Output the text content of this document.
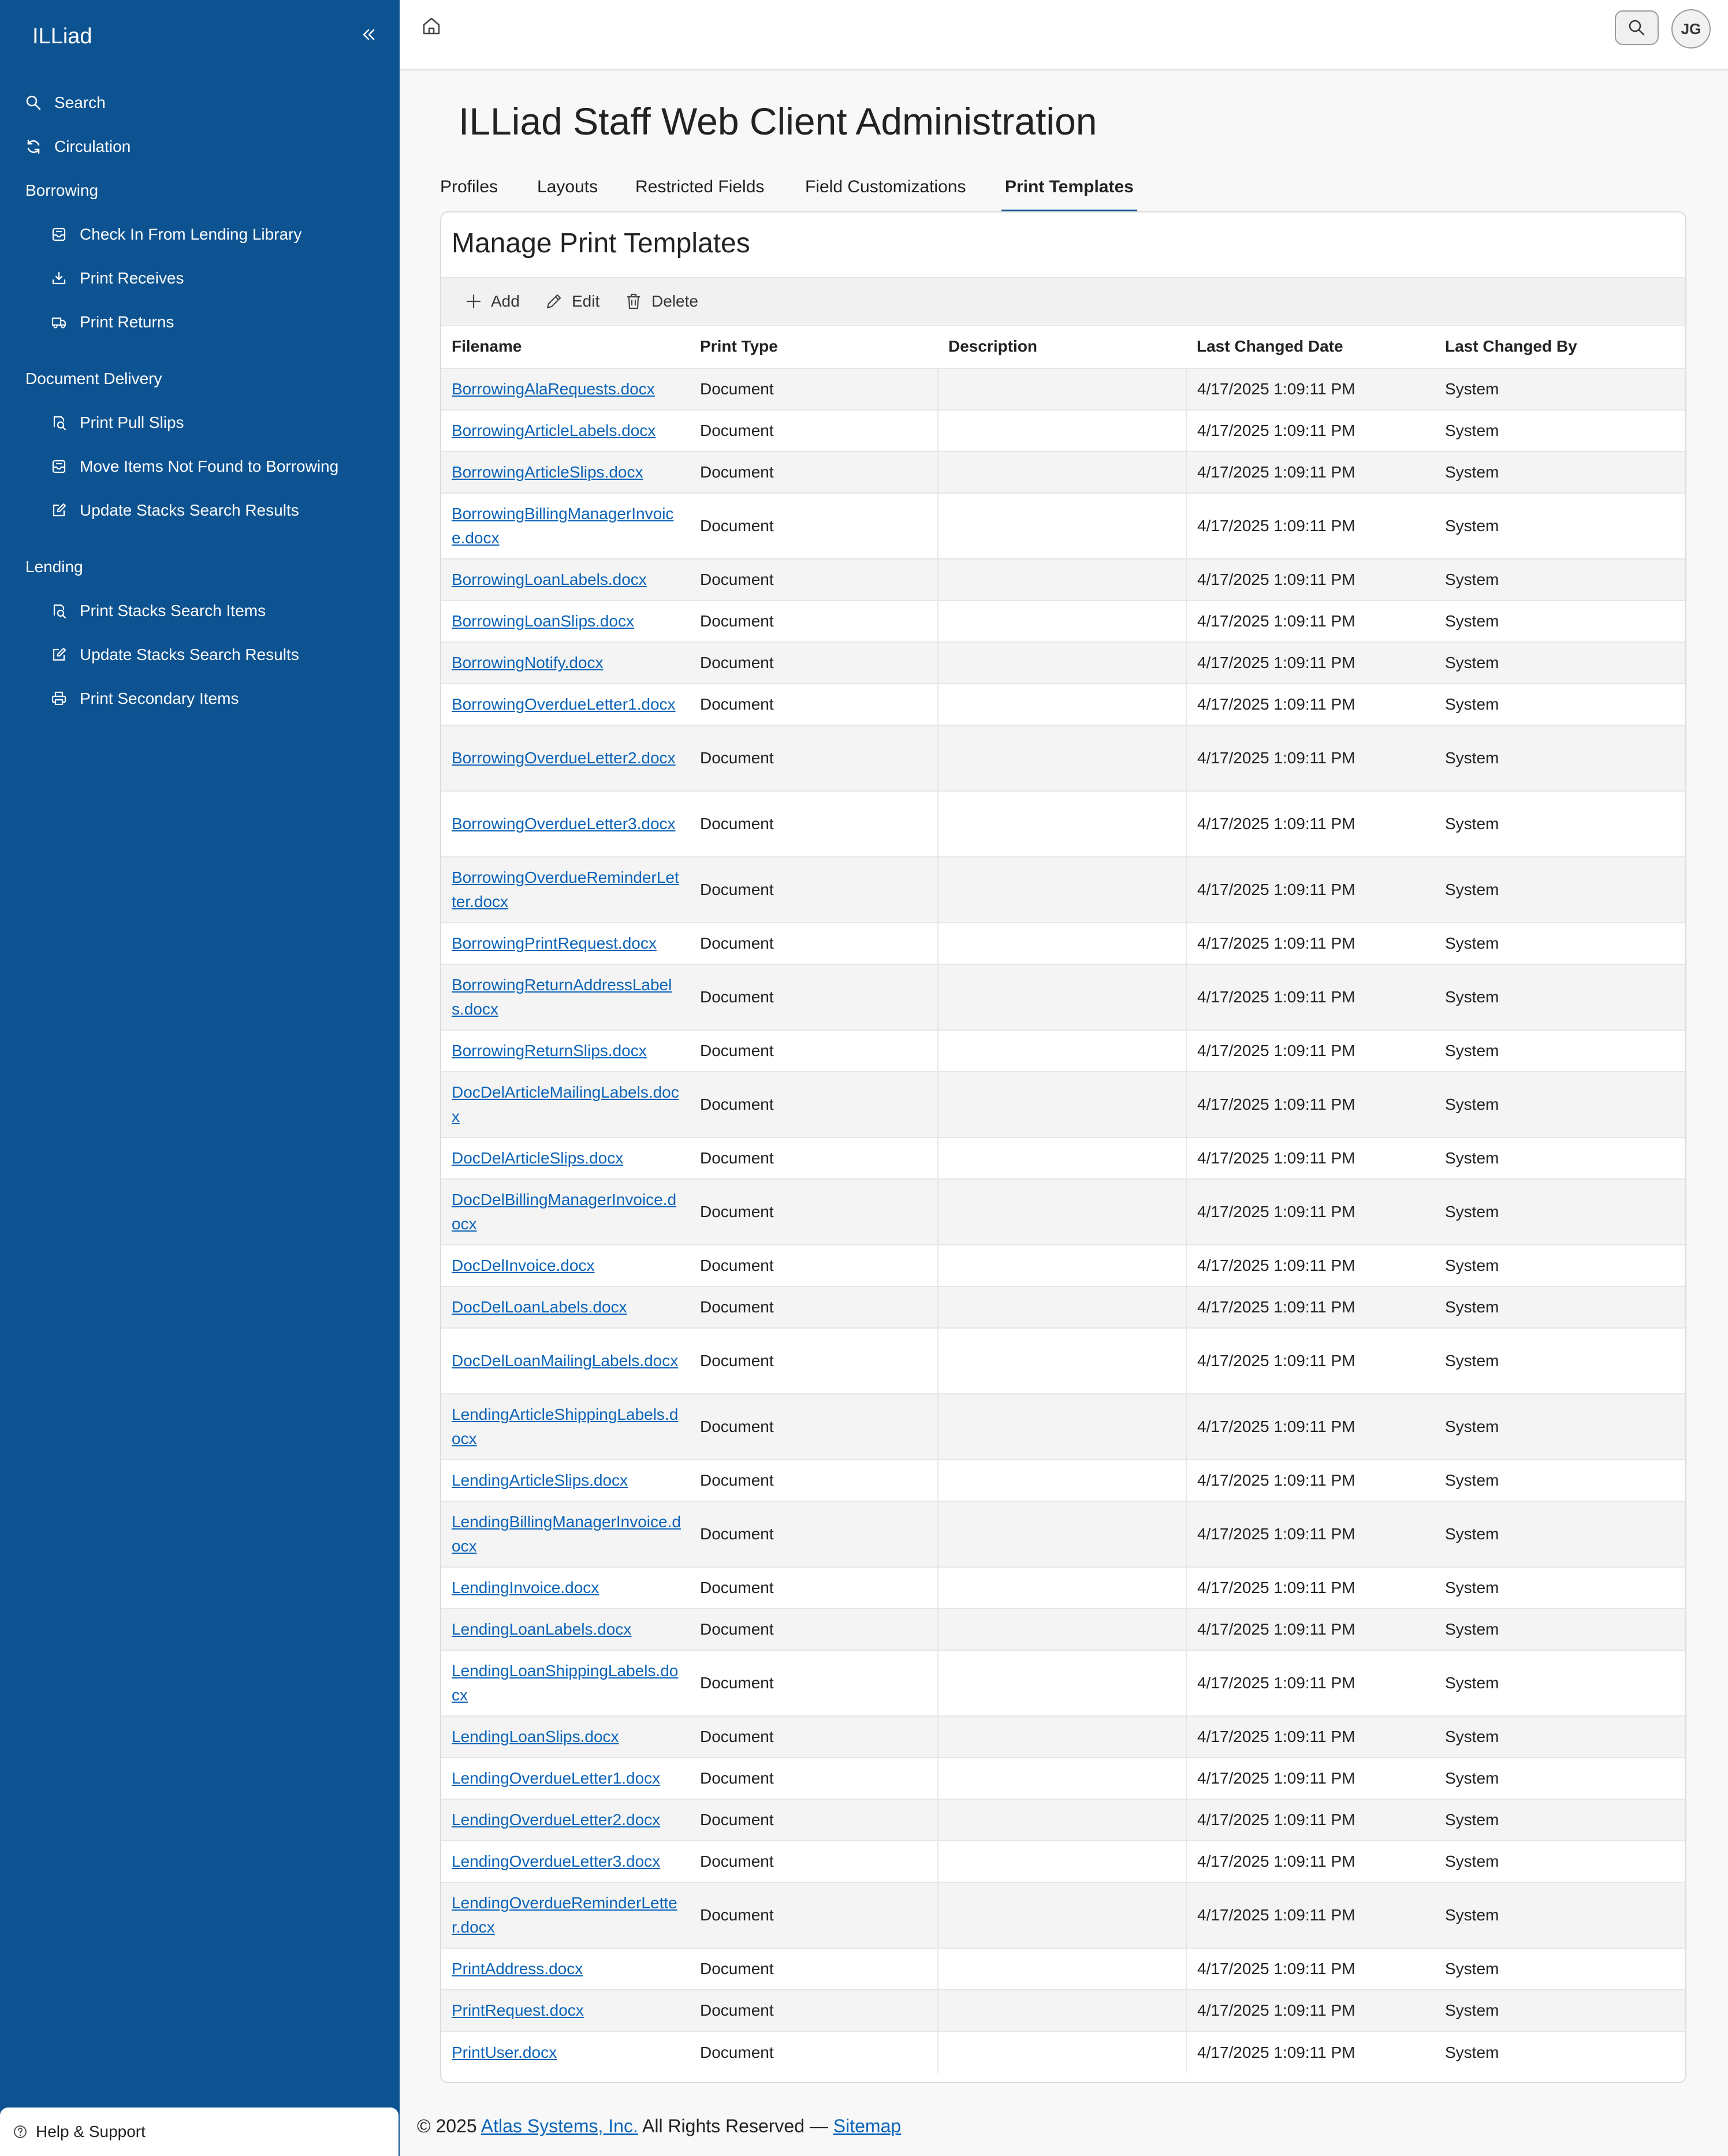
ILLiad
Search
Circulation
Borrowing
Check In From Lending Library
Print Receives
Print Returns
Document Delivery
Print Pull Slips
Move Items Not Found to Borrowing
Update Stacks Search Results
Lending
Print Stacks Search Items
Update Stacks Search Results
Print Secondary Items
Help & Support
JG
ILLiad Staff Web Client Administration
Profiles Layouts Restricted Fields Field Customizations Print Templates
Manage Print Templates
Add	Edit	Delete
Filename	Print Type	Description	Last Changed Date	Last Changed By
BorrowingAlaRequests.docx	Document		4/17/2025 1:09:11 PM	System
BorrowingArticleLabels.docx	Document		4/17/2025 1:09:11 PM	System
BorrowingArticleSlips.docx	Document		4/17/2025 1:09:11 PM	System
BorrowingBillingManagerInvoice.docx	Document		4/17/2025 1:09:11 PM	System
BorrowingLoanLabels.docx	Document		4/17/2025 1:09:11 PM	System
BorrowingLoanSlips.docx	Document		4/17/2025 1:09:11 PM	System
BorrowingNotify.docx	Document		4/17/2025 1:09:11 PM	System
BorrowingOverdueLetter1.docx	Document		4/17/2025 1:09:11 PM	System
BorrowingOverdueLetter2.docx	Document		4/17/2025 1:09:11 PM	System
BorrowingOverdueLetter3.docx	Document		4/17/2025 1:09:11 PM	System
BorrowingOverdueReminderLetter.docx	Document		4/17/2025 1:09:11 PM	System
BorrowingPrintRequest.docx	Document		4/17/2025 1:09:11 PM	System
BorrowingReturnAddressLabels.docx	Document		4/17/2025 1:09:11 PM	System
BorrowingReturnSlips.docx	Document		4/17/2025 1:09:11 PM	System
DocDelArticleMailingLabels.docx	Document		4/17/2025 1:09:11 PM	System
DocDelArticleSlips.docx	Document		4/17/2025 1:09:11 PM	System
DocDelBillingManagerInvoice.docx	Document		4/17/2025 1:09:11 PM	System
DocDelInvoice.docx	Document		4/17/2025 1:09:11 PM	System
DocDelLoanLabels.docx	Document		4/17/2025 1:09:11 PM	System
DocDelLoanMailingLabels.docx	Document		4/17/2025 1:09:11 PM	System
LendingArticleShippingLabels.docx	Document		4/17/2025 1:09:11 PM	System
LendingArticleSlips.docx	Document		4/17/2025 1:09:11 PM	System
LendingBillingManagerInvoice.docx	Document		4/17/2025 1:09:11 PM	System
LendingInvoice.docx	Document		4/17/2025 1:09:11 PM	System
LendingLoanLabels.docx	Document		4/17/2025 1:09:11 PM	System
LendingLoanShippingLabels.docx	Document		4/17/2025 1:09:11 PM	System
LendingLoanSlips.docx	Document		4/17/2025 1:09:11 PM	System
LendingOverdueLetter1.docx	Document		4/17/2025 1:09:11 PM	System
LendingOverdueLetter2.docx	Document		4/17/2025 1:09:11 PM	System
LendingOverdueLetter3.docx	Document		4/17/2025 1:09:11 PM	System
LendingOverdueReminderLetter.docx	Document		4/17/2025 1:09:11 PM	System
PrintAddress.docx	Document		4/17/2025 1:09:11 PM	System
PrintRequest.docx	Document		4/17/2025 1:09:11 PM	System
PrintUser.docx	Document		4/17/2025 1:09:11 PM	System
© 2025 Atlas Systems, Inc. All Rights Reserved — Sitemap
